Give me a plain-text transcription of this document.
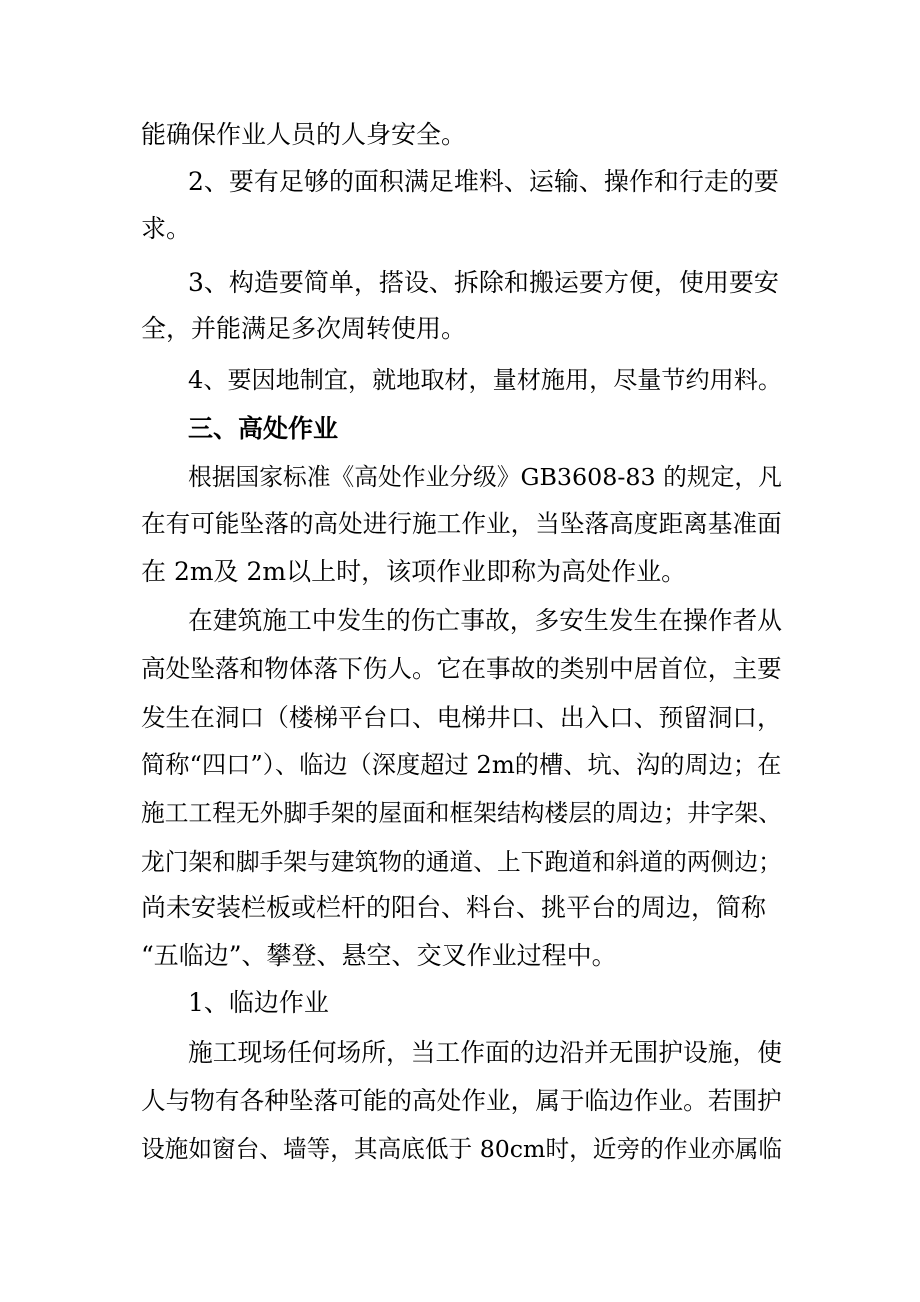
能确保作业人员的人身安全。
2、要有足够的面积满足堆料、运输、操作和行走的要
求。
3、构造要简单，搭设、拆除和搬运要方便，使用要安
全，并能满足多次周转使用。
4、要因地制宜，就地取材，量材施用，尽量节约用料。
三、高处作业
根据国家标准《高处作业分级》GB3608-83 的规定，凡
在有可能坠落的高处进行施工作业，当坠落高度距离基准面
在 2m及 2m以上时，该项作业即称为高处作业。
在建筑施工中发生的伤亡事故，多安生发生在操作者从
高处坠落和物体落下伤人。它在事故的类别中居首位，主要
发生在洞口（楼梯平台口、电梯井口、出入口、预留洞口，
简称“四口”）、临边（深度超过 2m的槽、坑、沟的周边；在
施工工程无外脚手架的屋面和框架结构楼层的周边；井字架、
龙门架和脚手架与建筑物的通道、上下跑道和斜道的两侧边；
尚未安装栏板或栏杆的阳台、料台、挑平台的周边，简称
“五临边”、攀登、悬空、交叉作业过程中。
1、临边作业
施工现场任何场所，当工作面的边沿并无围护设施，使
人与物有各种坠落可能的高处作业，属于临边作业。若围护
设施如窗台、墙等，其高底低于 80cm时，近旁的作业亦属临
